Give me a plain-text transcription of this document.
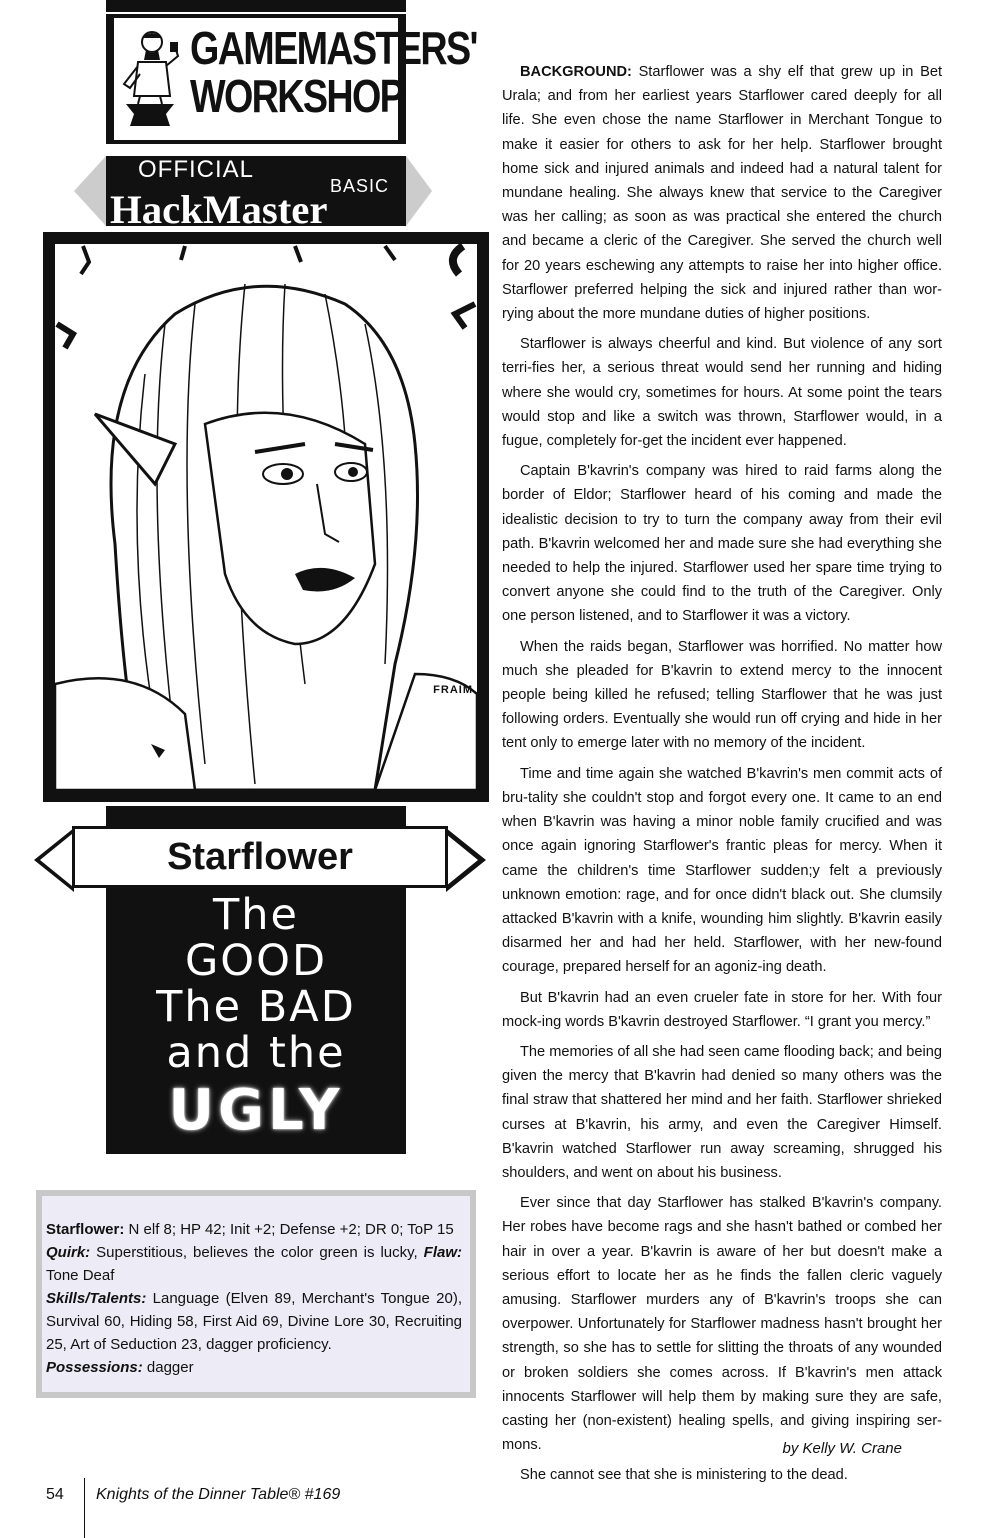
GAMEMASTERS'
WORKSHOP
OFFICIAL
BASIC
HackMaster
FRAIM
Starflower
The
GOOD
The BAD
and the
UGLY

Starflower: N elf 8; HP 42; Init +2; Defense +2; DR 0; ToP 15

Quirk: Superstitious, believes the color green is lucky, Flaw: Tone Deaf

Skills/Talents: Language (Elven 89, Merchant's Tongue 20), Survival 60, Hiding 58, First Aid 69, Divine Lore 30, Recruiting 25, Art of Seduction 23, dagger proficiency.

Possessions: dagger

BACKGROUND: Starflower was a shy elf that grew up in Bet Urala; and from her earliest years Starflower cared deeply for all life. She even chose the name Starflower in Merchant Tongue to make it easier for others to ask for her help. Starflower brought home sick and injured animals and indeed had a natural talent for mundane healing. She always knew that service to the Caregiver was her calling; as soon as was practical she entered the church and became a cleric of the Caregiver. She served the church well for 20 years eschewing any attempts to raise her into higher office. Starflower preferred helping the sick and injured rather than wor-rying about the more mundane duties of higher positions.

Starflower is always cheerful and kind. But violence of any sort terri-fies her, a serious threat would send her running and hiding where she would cry, sometimes for hours. At some point the tears would stop and like a switch was thrown, Starflower would, in a fugue, completely for-get the incident ever happened.

Captain B'kavrin's company was hired to raid farms along the border of Eldor; Starflower heard of his coming and made the idealistic decision to try to turn the company away from their evil path. B'kavrin welcomed her and made sure she had everything she needed to help the injured. Starflower used her spare time trying to convert anyone she could find to the truth of the Caregiver. Only one person listened, and to Starflower it was a victory.

When the raids began, Starflower was horrified. No matter how much she pleaded for B'kavrin to extend mercy to the innocent people being killed he refused; telling Starflower that he was just following orders. Eventually she would run off crying and hide in her tent only to emerge later with no memory of the incident.

Time and time again she watched B'kavrin's men commit acts of bru-tality she couldn't stop and forgot every one. It came to an end when B'kavrin was having a minor noble family crucified and was once again ignoring Starflower's frantic pleas for mercy. When it came the children's time Starflower sudden;y felt a previously unknown emotion: rage, and for once didn't black out. She clumsily attacked B'kavrin with a knife, wounding him slightly. B'kavrin easily disarmed her and had her held. Starflower, with her new-found courage, prepared herself for an agoniz-ing death.

But B'kavrin had an even crueler fate in store for her. With four mock-ing words B'kavrin destroyed Starflower. “I grant you mercy.”

The memories of all she had seen came flooding back; and being given the mercy that B'kavrin had denied so many others was the final straw that shattered her mind and her faith. Starflower shrieked curses at B'kavrin, his army, and even the Caregiver Himself. B'kavrin watched Starflower run away screaming, shrugged his shoulders, and went on about his business.

Ever since that day Starflower has stalked B'kavrin's company. Her robes have become rags and she hasn't bathed or combed her hair in over a year. B'kavrin is aware of her but doesn't make a serious effort to locate her as he finds the fallen cleric vaguely amusing. Starflower murders any of B'kavrin's troops she can overpower. Unfortunately for Starflower madness hasn't brought her strength, so she has to settle for slitting the throats of any wounded or broken soldiers she comes across. If B'kavrin's men attack innocents Starflower will help them by making sure they are safe, casting her (non-existent) healing spells, and giving inspiring ser-mons.

She cannot see that she is ministering to the dead.

by Kelly W. Crane
54 Knights of the Dinner Table® #169
